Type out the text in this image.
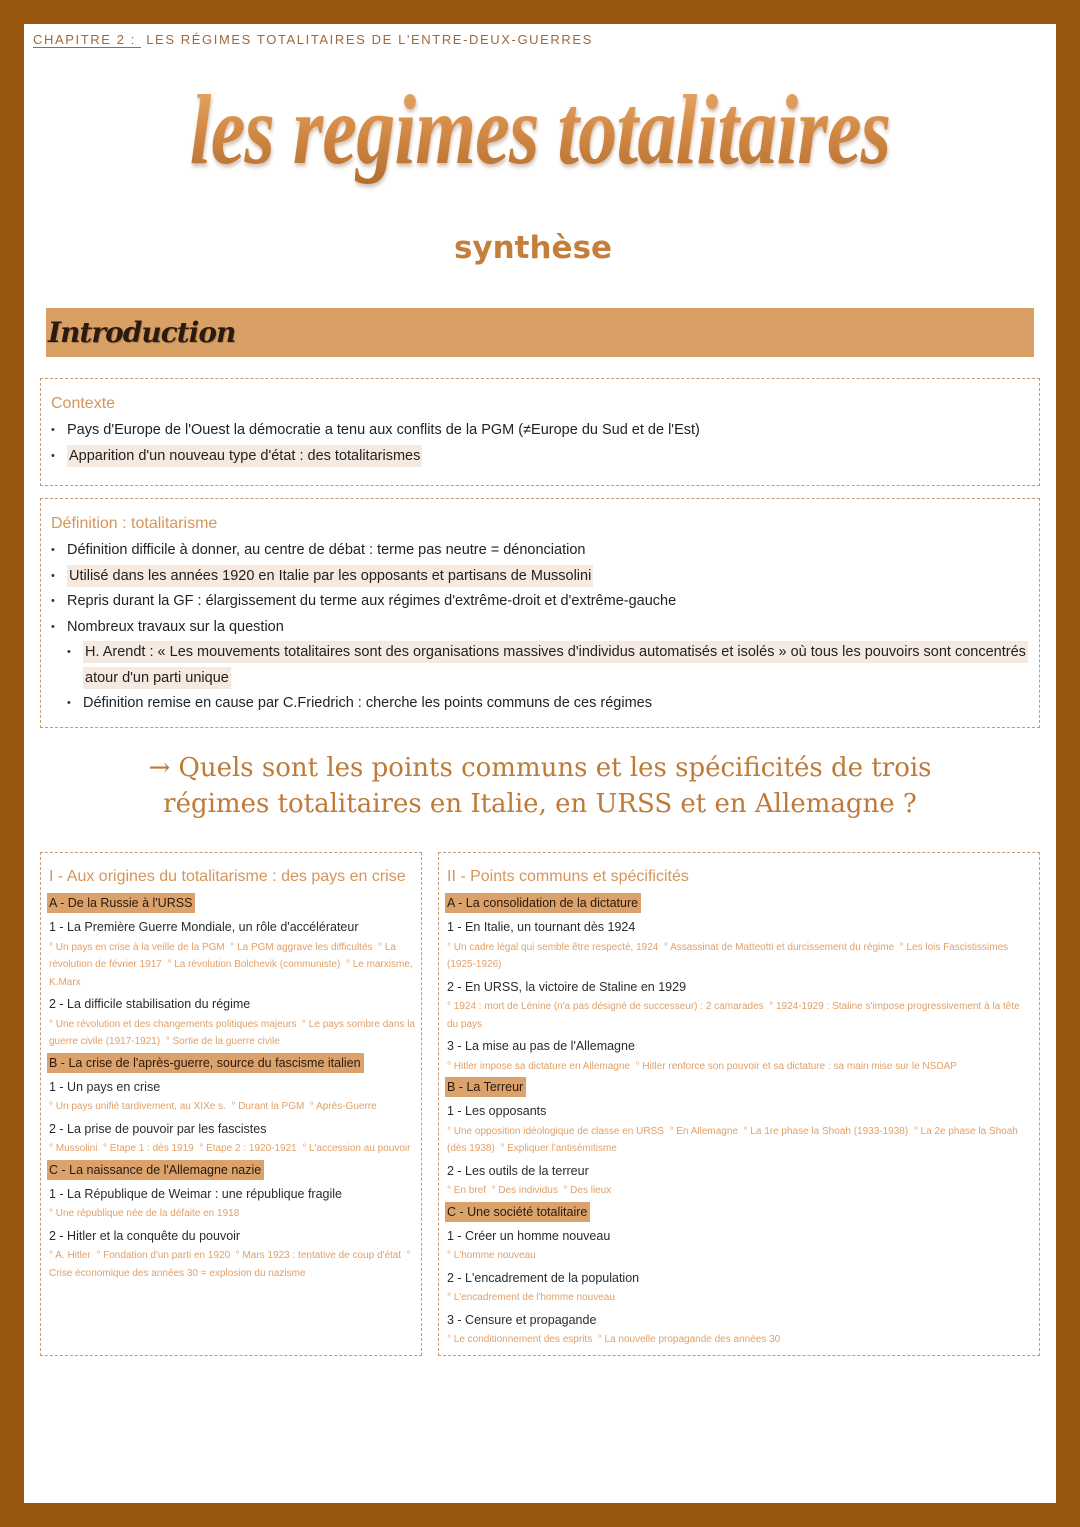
CHAPITRE 2 : LES RÉGIMES TOTALITAIRES DE L'ENTRE-DEUX-GUERRES
les regimes totalitaires
synthèse
Introduction
Contexte
• Pays d'Europe de l'Ouest la démocratie a tenu aux conflits de la PGM (≠Europe du Sud et de l'Est)
• Apparition d'un nouveau type d'état : des totalitarismes
Définition : totalitarisme
• Définition difficile à donner, au centre de débat : terme pas neutre = dénonciation
• Utilisé dans les années 1920 en Italie par les opposants et partisans de Mussolini
• Repris durant la GF : élargissement du terme aux régimes d'extrême-droit et d'extrême-gauche
• Nombreux travaux sur la question
• H. Arendt : « Les mouvements totalitaires sont des organisations massives d'individus automatisés et isolés » où tous les pouvoirs sont concentrés atour d'un parti unique
• Définition remise en cause par C.Friedrich : cherche les points communs de ces régimes
→ Quels sont les points communs et les spécificités de trois
régimes totalitaires en Italie, en URSS et en Allemagne ?
I - Aux origines du totalitarisme : des pays en crise
A - De la Russie à l'URSS
1 - La Première Guerre Mondiale, un rôle d'accélérateur
° Un pays en crise à la veille de la PGM  ° La PGM aggrave les difficultés  ° La révolution de février 1917  ° La révolution Bolchevik (communiste)  ° Le marxisme, K.Marx
2 - La difficile stabilisation du régime
° Une révolution et des changements politiques majeurs  ° Le pays sombre dans la guerre civile (1917-1921)  ° Sortie de la guerre civile
B - La crise de l'après-guerre, source du fascisme italien
1 - Un pays en crise
° Un pays unifié tardivement, au XIXe s.  ° Durant la PGM  ° Après-Guerre
2 - La prise de pouvoir par les fascistes
° Mussolini  ° Etape 1 : dès 1919  ° Etape 2 : 1920-1921  ° L'accession au pouvoir
C - La naissance de l'Allemagne nazie
1 - La République de Weimar : une république fragile
° Une république née de la défaite en 1918
2 - Hitler et la conquête du pouvoir
° A. Hitler  ° Fondation d'un parti en 1920  ° Mars 1923 : tentative de coup d'état  ° Crise économique des années 30 = explosion du nazisme
II - Points communs et spécificités
A - La consolidation de la dictature
1 - En Italie, un tournant dès 1924
° Un cadre légal qui semble être respecté, 1924  ° Assassinat de Matteotti et durcissement du régime  ° Les lois Fascistissimes (1925-1926)
2 - En URSS, la victoire de Staline en 1929
° 1924 : mort de Lénine (n'a pas désigné de successeur) : 2 camarades  ° 1924-1929 : Staline s'impose progressivement à la tête du pays
3 - La mise au pas de l'Allemagne
° Hitler impose sa dictature en Allemagne  ° Hitler renforce son pouvoir et sa dictature : sa main mise sur le NSDAP
B - La Terreur
1 - Les opposants
° Une opposition idéologique de classe en URSS  ° En Allemagne  ° La 1re phase la Shoah (1933-1938)  ° La 2e phase la Shoah (dès 1938)  ° Expliquer l'antisémitisme
2 - Les outils de la terreur
° En bref  ° Des individus  ° Des lieux
C - Une société totalitaire
1 - Créer un homme nouveau
° L'homme nouveau
2 - L'encadrement de la population
° L'encadrement de l'homme nouveau
3 - Censure et propagande
° Le conditionnement des esprits  ° La nouvelle propagande des années 30
